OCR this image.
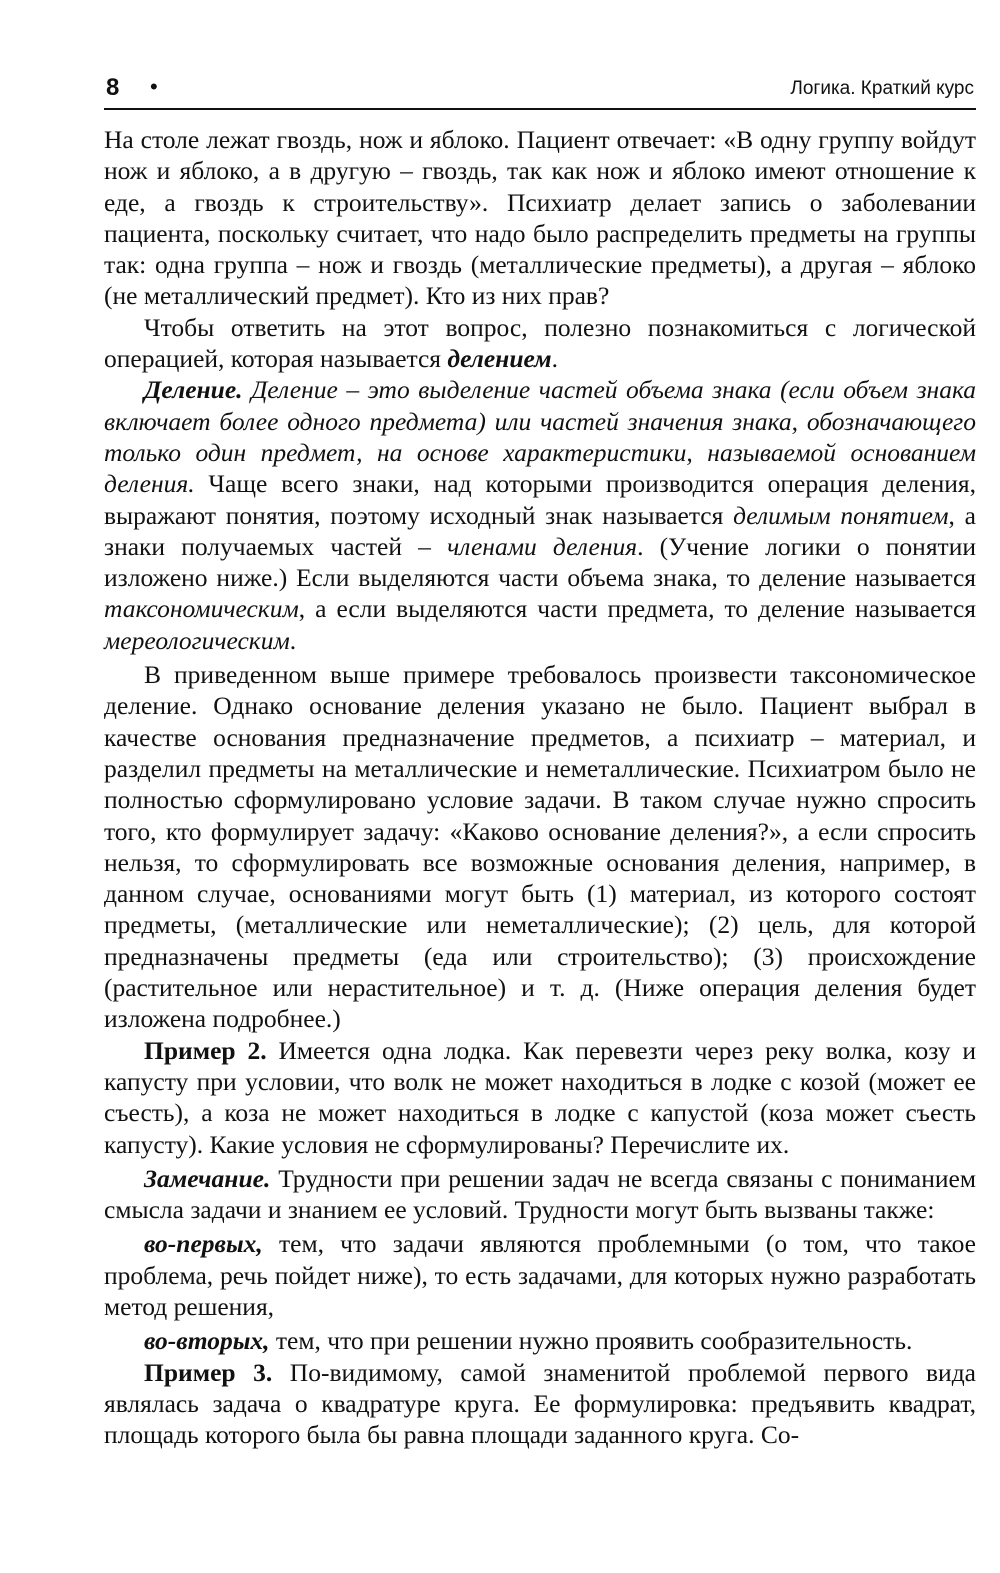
8 •	Логика. Краткий курс

На столе лежат гвоздь, нож и яблоко. Пациент отвечает: «В одну группу войдут нож и яблоко, а в другую – гвоздь, так как нож и яблоко имеют отношение к еде, а гвоздь к строительству». Психиатр делает запись о заболевании пациента, поскольку считает, что надо было распределить предметы на группы так: одна группа – нож и гвоздь (металлические предметы), а другая – яблоко (не металлический предмет). Кто из них прав?

Чтобы ответить на этот вопрос, полезно познакомиться с логической операцией, которая называется делением.

Деление. Деление – это выделение частей объема знака (если объем знака включает более одного предмета) или частей значения знака, обозначающего только один предмет, на основе характеристики, называемой основанием деления. Чаще всего знаки, над которыми производится операция деления, выражают понятия, поэтому исходный знак называется делимым понятием, а знаки получаемых частей – членами деления. (Учение логики о понятии изложено ниже.) Если выделяются части объема знака, то деление называется таксономическим, а если выделяются части предмета, то деление называется мереологическим.

В приведенном выше примере требовалось произвести таксономическое деление. Однако основание деления указано не было. Пациент выбрал в качестве основания предназначение предметов, а психиатр – материал, и разделил предметы на металлические и неметаллические. Психиатром было не полностью сформулировано условие задачи. В таком случае нужно спросить того, кто формулирует задачу: «Каково основание деления?», а если спросить нельзя, то сформулировать все возможные основания деления, например, в данном случае, основаниями могут быть (1) материал, из которого состоят предметы, (металлические или неметаллические); (2) цель, для которой предназначены предметы (еда или строительство); (3) происхождение (растительное или нерастительное) и т. д. (Ниже операция деления будет изложена подробнее.)

Пример 2. Имеется одна лодка. Как перевезти через реку волка, козу и капусту при условии, что волк не может находиться в лодке с козой (может ее съесть), а коза не может находиться в лодке с капустой (коза может съесть капусту). Какие условия не сформулированы? Перечислите их.

Замечание. Трудности при решении задач не всегда связаны с пониманием смысла задачи и знанием ее условий. Трудности могут быть вызваны также:

во-первых, тем, что задачи являются проблемными (о том, что такое проблема, речь пойдет ниже), то есть задачами, для которых нужно разработать метод решения,

во-вторых, тем, что при решении нужно проявить сообразительность.

Пример 3. По-видимому, самой знаменитой проблемой первого вида являлась задача о квадратуре круга. Ее формулировка: предъявить квадрат, площадь которого была бы равна площади заданного круга. Со-
